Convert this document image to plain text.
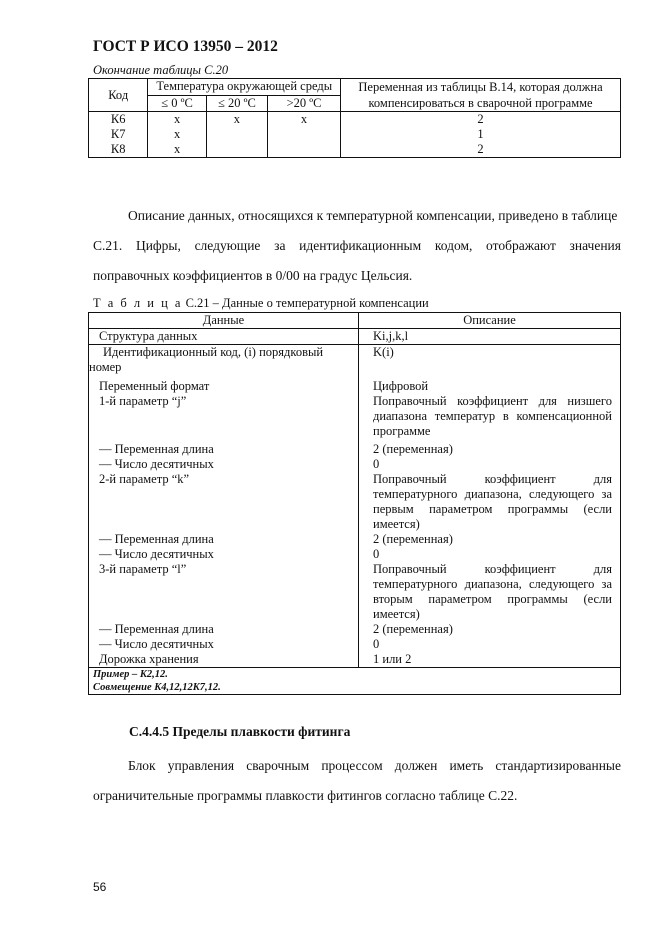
ГОСТ Р ИСО 13950 – 2012
Окончание таблицы С.20
Код	Температура окружающей среды			Переменная из таблицы В.14, которая должна компенсироваться в сварочной программе
	≤ 0 ºС	≤ 20 ºС	>20 ºС	
К6	x	x	x	2
К7	x			1
К8	x			2
Описание данных, относящихся к температурной компенсации, приведено в таблице
С.21. Цифры, следующие за идентификационным кодом, отображают значения
поправочных коэффициентов в 0/00 на градус Цельсия.
Т а б л и ц а С.21 – Данные о температурной компенсации
Данные	Описание
Структура данных	Ki,j,k,l
Идентификационный код, (i) порядковый номер	K(i)
Переменный формат	Цифровой
1-й параметр “j”	Поправочный коэффициент для низшего диапазона температур в компенсационной программе
— Переменная длина	2 (переменная)
— Число десятичных	0
2-й параметр “k”	Поправочный коэффициент для температурного диапазона, следующего за первым параметром программы (если имеется)
— Переменная длина	2 (переменная)
— Число десятичных	0
3-й параметр “l”	Поправочный коэффициент для температурного диапазона, следующего за вторым параметром программы (если имеется)
— Переменная длина	2 (переменная)
— Число десятичных	0
Дорожка хранения	1 или 2

Пример – K2,12.
Совмещение K4,12,12K7,12.	
С.4.4.5 Пределы плавкости фитинга
Блок управления сварочным процессом должен иметь стандартизированные
ограничительные программы плавкости фитингов согласно таблице С.22.
56
